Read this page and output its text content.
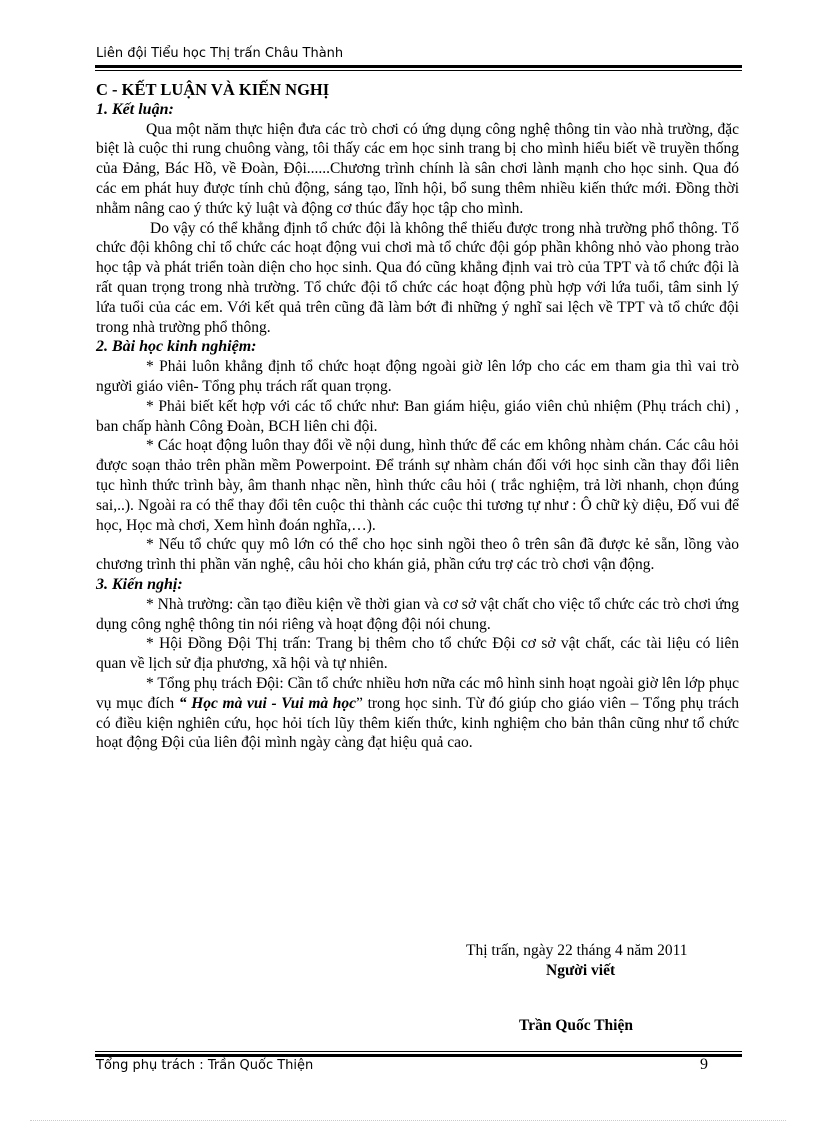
Liên đội Tiểu học Thị trấn Châu Thành

C - KẾT LUẬN VÀ KIẾN NGHỊ

1. Kết luận:

Qua một năm thực hiện đưa các trò chơi có ứng dụng công nghệ thông tin vào nhà trường, đặc biệt là cuộc thi rung chuông vàng, tôi thấy các em học sinh trang bị cho mình hiểu biết về truyền thống của Đảng, Bác Hồ, về Đoàn, Đội......Chương trình chính là sân chơi lành mạnh cho học sinh. Qua đó các em phát huy được tính chủ động, sáng tạo, lĩnh hội, bổ sung thêm nhiều kiến thức mới. Đồng thời nhằm nâng cao ý thức kỷ luật và động cơ thúc đẩy học tập cho mình.

Do vậy có thể khẳng định tổ chức đội là không thể thiếu được trong nhà trường phổ thông. Tổ chức đội không chỉ tổ chức các hoạt động vui chơi mà tổ chức đội góp phần không nhỏ vào phong trào học tập và phát triển toàn diện cho học sinh. Qua đó cũng khẳng định vai trò của TPT và tổ chức đội là rất quan trọng trong nhà trường. Tổ chức đội tổ chức các hoạt động phù hợp với lứa tuổi, tâm sinh lý lứa tuổi của các em. Với kết quả trên cũng đã làm bớt đi những ý nghĩ sai lệch về TPT và tổ chức đội trong nhà trường phổ thông.

2. Bài học kinh nghiệm:

* Phải luôn khẳng định tổ chức hoạt động ngoài giờ lên lớp cho các em tham gia thì vai trò người giáo viên- Tổng phụ trách rất quan trọng.

* Phải biết kết hợp với các tổ chức như: Ban giám hiệu, giáo viên chủ nhiệm (Phụ trách chi) , ban chấp hành Công Đoàn, BCH liên chi đội.

* Các hoạt động luôn thay đổi về nội dung, hình thức để các em không nhàm chán. Các câu hỏi được soạn thảo trên phần mềm Powerpoint. Để tránh sự nhàm chán đối với học sinh cần thay đổi liên tục hình thức trình bày, âm thanh nhạc nền, hình thức câu hỏi ( trắc nghiệm, trả lời nhanh, chọn đúng sai,..). Ngoài ra có thể thay đổi tên cuộc thi thành các cuộc thi tương tự như : Ô chữ kỳ diệu, Đố vui để học, Học mà chơi, Xem hình đoán nghĩa,…).

* Nếu tổ chức quy mô lớn có thể cho học sinh ngồi theo ô trên sân đã được kẻ sẵn, lồng vào chương trình thi phần văn nghệ, câu hỏi cho khán giả, phần cứu trợ các trò chơi vận động.

3. Kiến nghị:

* Nhà trường: cần tạo điều kiện về thời gian và cơ sở vật chất cho việc tổ chức các trò chơi ứng dụng công nghệ thông tin nói riêng và hoạt động đội nói chung.

* Hội Đồng Đội Thị trấn: Trang bị thêm cho tổ chức Đội cơ sở vật chất, các tài liệu có liên quan về lịch sử địa phương, xã hội và tự nhiên.

* Tổng phụ trách Đội: Cần tổ chức nhiều hơn nữa các mô hình sinh hoạt ngoài giờ lên lớp phục vụ mục đích “ Học mà vui - Vui mà học” trong học sinh. Từ đó giúp cho giáo viên – Tổng phụ trách có điều kiện nghiên cứu, học hỏi tích lũy thêm kiến thức, kinh nghiệm cho bản thân cũng như tổ chức hoạt động Đội của liên đội mình ngày càng đạt hiệu quả cao.

Thị trấn, ngày 22 tháng 4 năm 2011
Người viết
Trần Quốc Thiện
Tổng phụ trách : Trần Quốc Thiện	9
